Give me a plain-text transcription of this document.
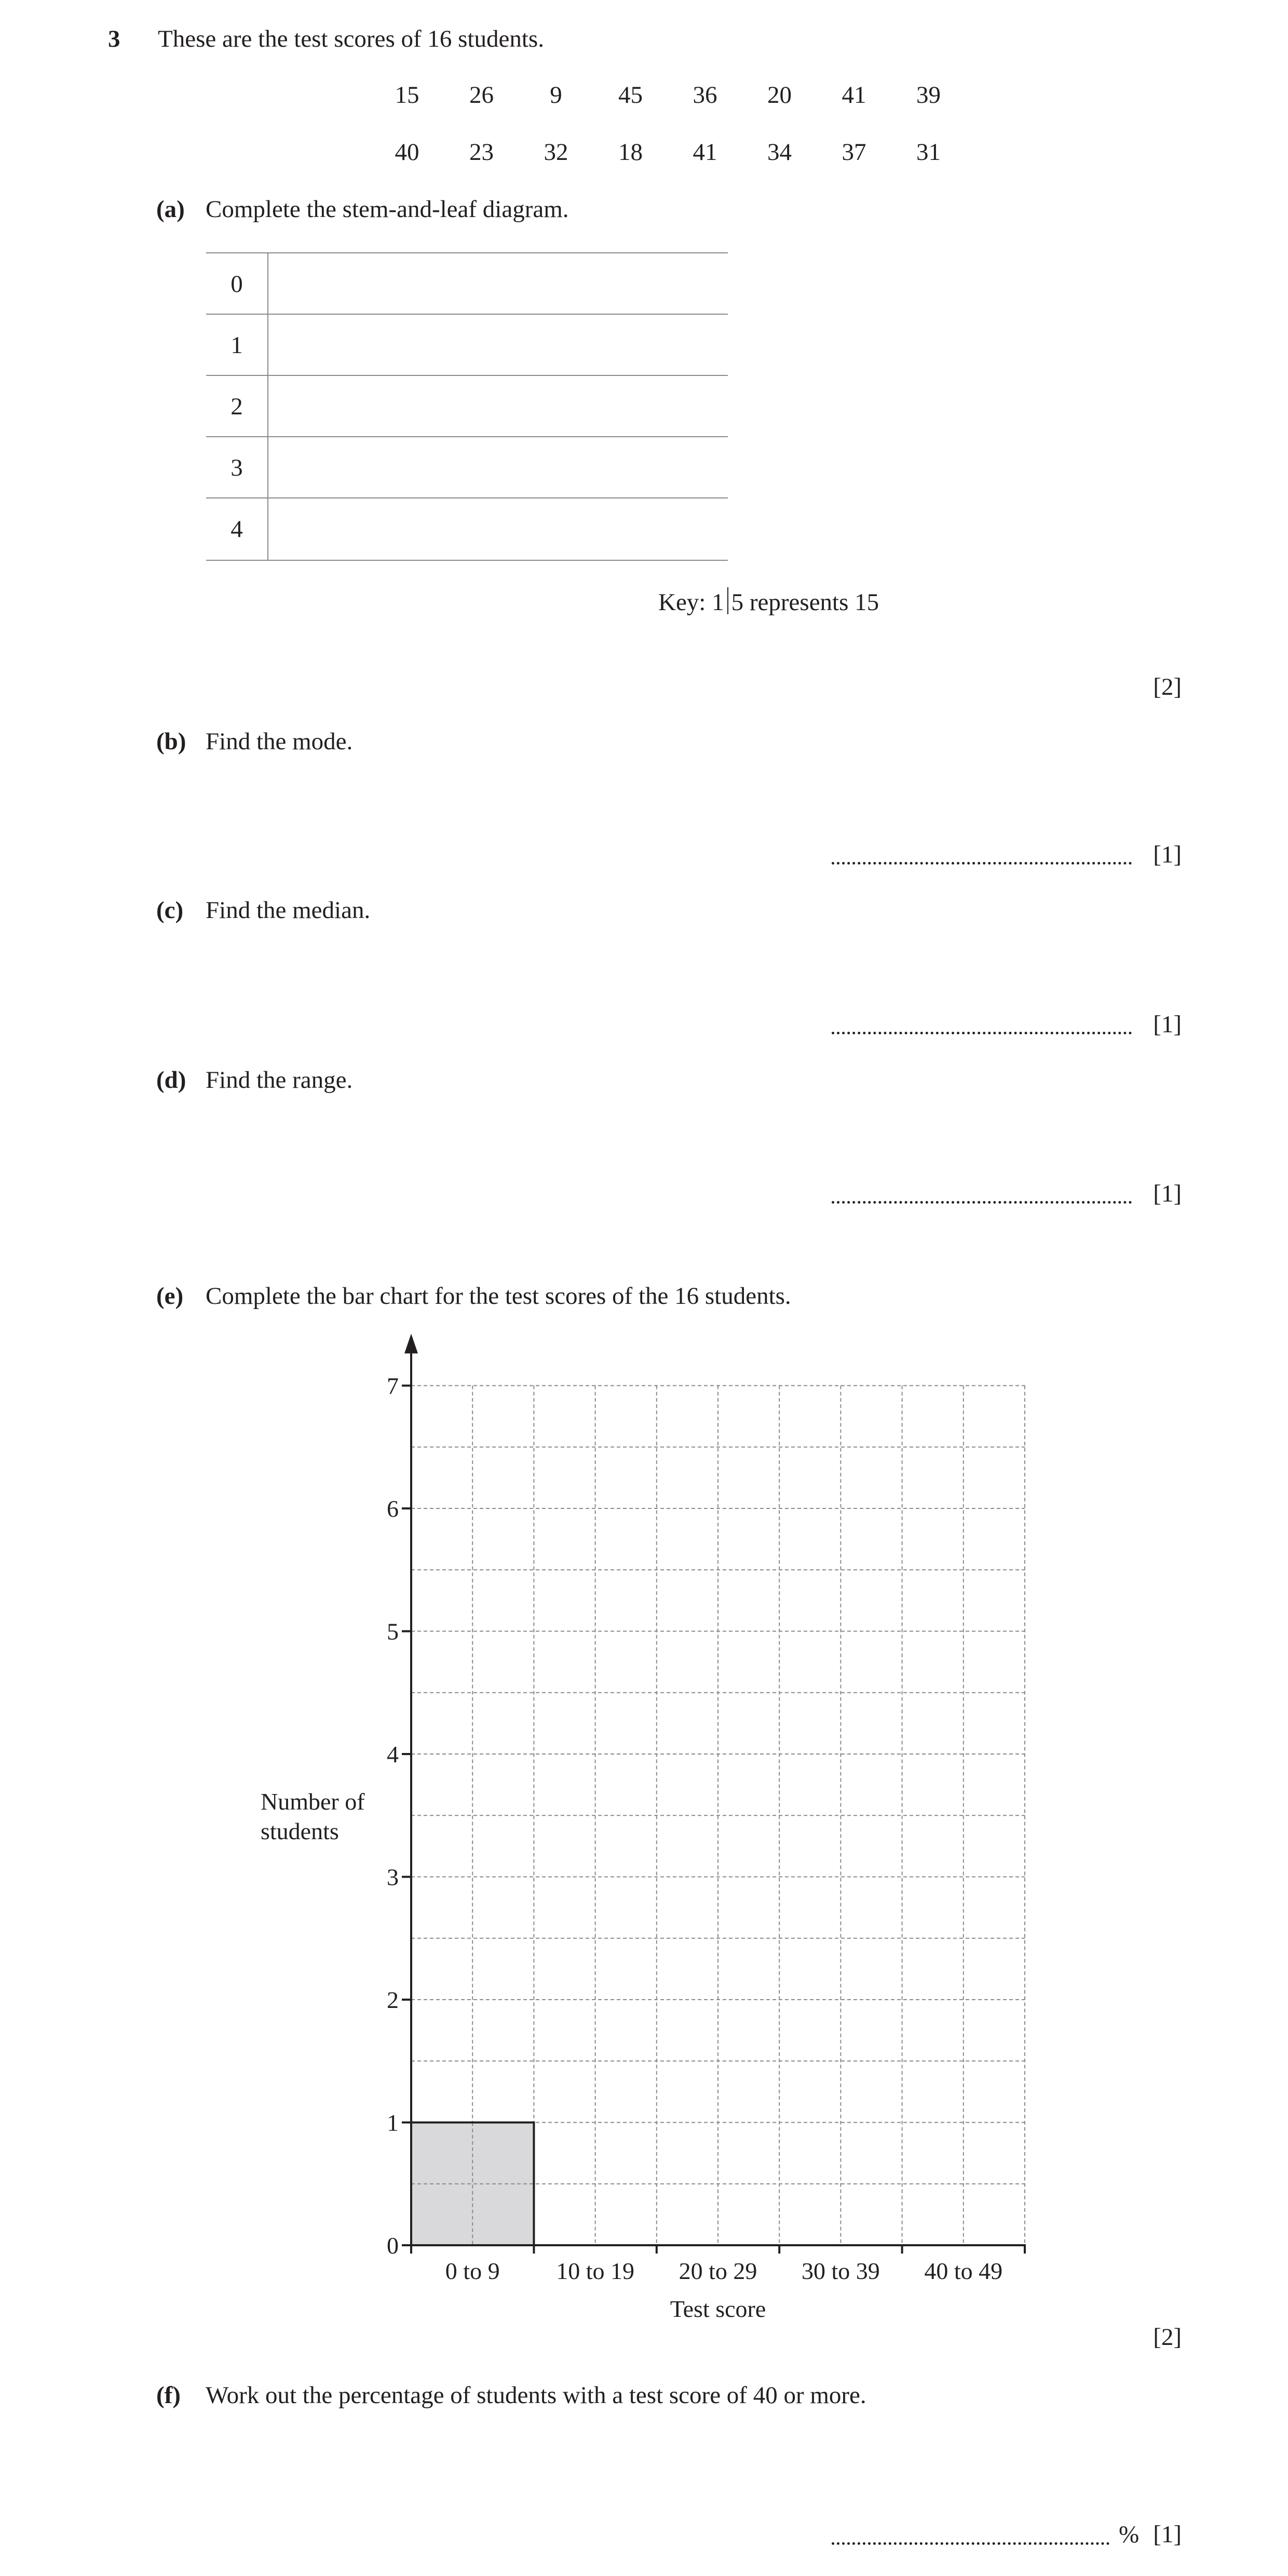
3 These are the test scores of 16 students.
15	26	9	45	36	20	41	39
40	23	32	18	41	34	37	31
(a) Complete the stem-and-leaf diagram.
0
1
2
3
4
Key: 1 5 represents 15
[2]
(b) Find the mode.
[1]
(c) Find the median.
[1]
(d) Find the range.
[1]
(e) Complete the bar chart for the test scores of the 16 students.
0
1
2
3
4
5
6
7
0 to 9 10 to 19 20 to 29 30 to 39 40 to 49
Test score
Number of
students
[2]
(f) Work out the percentage of students with a test score of 40 or more.
% [1]
